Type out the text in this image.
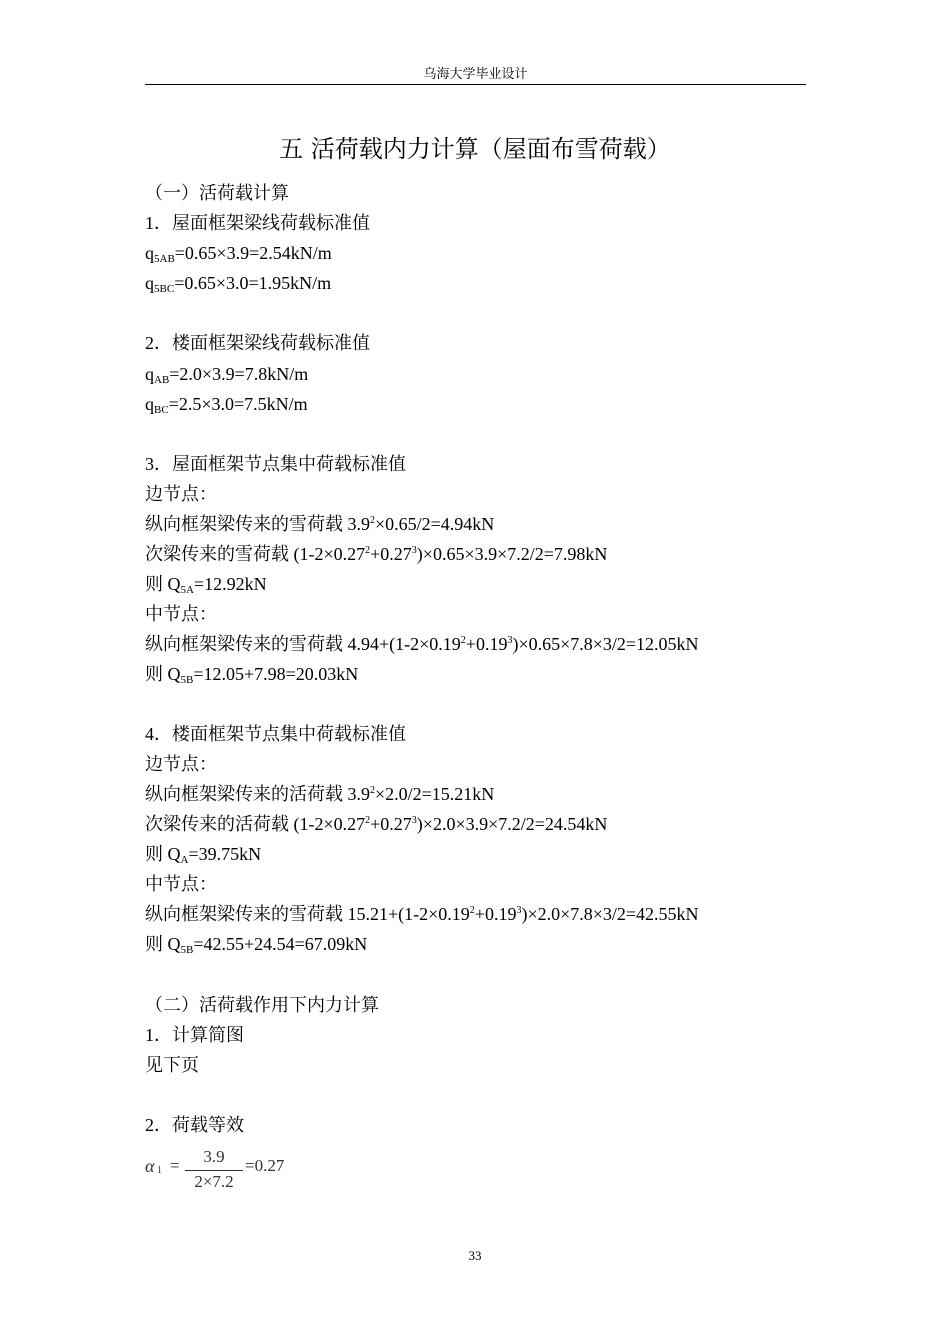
乌海大学毕业设计
五 活荷载内力计算（屋面布雪荷载）
（一）活荷载计算
1．屋面框架梁线荷载标准值
$q_{5AB}=0.65\times 3.9=2.54kN/m$
$q_{5BC}=0.65\times 3.0=1.95kN/m$
2．楼面框架梁线荷载标准值
$q_{AB}=2.0\times 3.9=7.8kN/m$
$q_{BC}=2.5\times 3.0=7.5kN/m$
3．屋面框架节点集中荷载标准值
边节点：
纵向框架梁传来的雪荷载 $3.9^2\times 0.65/2=4.94kN$
次梁传来的雪荷载 $(1-2\times 0.27^2+0.27^3)\times 0.65\times 3.9\times 7.2/2=7.98kN$
则 $Q_{5A}=12.92kN$
中节点：
纵向框架梁传来的雪荷载 $4.94+(1-2\times 0.19^2+0.19^3)\times 0.65\times 7.8\times 3/2=12.05kN$
则 $Q_{5B}=12.05+7.98=20.03kN$
4．楼面框架节点集中荷载标准值
边节点：
纵向框架梁传来的活荷载 $3.9^2\times 2.0/2=15.21kN$
次梁传来的活荷载 $(1-2\times 0.27^2+0.27^3)\times 2.0\times 3.9\times 7.2/2=24.54kN$
则 $Q_A=39.75kN$
中节点：
纵向框架梁传来的雪荷载 $15.21+(1-2\times 0.19^2+0.19^3)\times 2.0\times 7.8\times 3/2=42.55kN$
则 $Q_{5B}=42.55+24.54=67.09kN$
（二）活荷载作用下内力计算
1．计算简图
见下页
2．荷载等效
α 1 =	3.9
2×7.2
=0.27
33
